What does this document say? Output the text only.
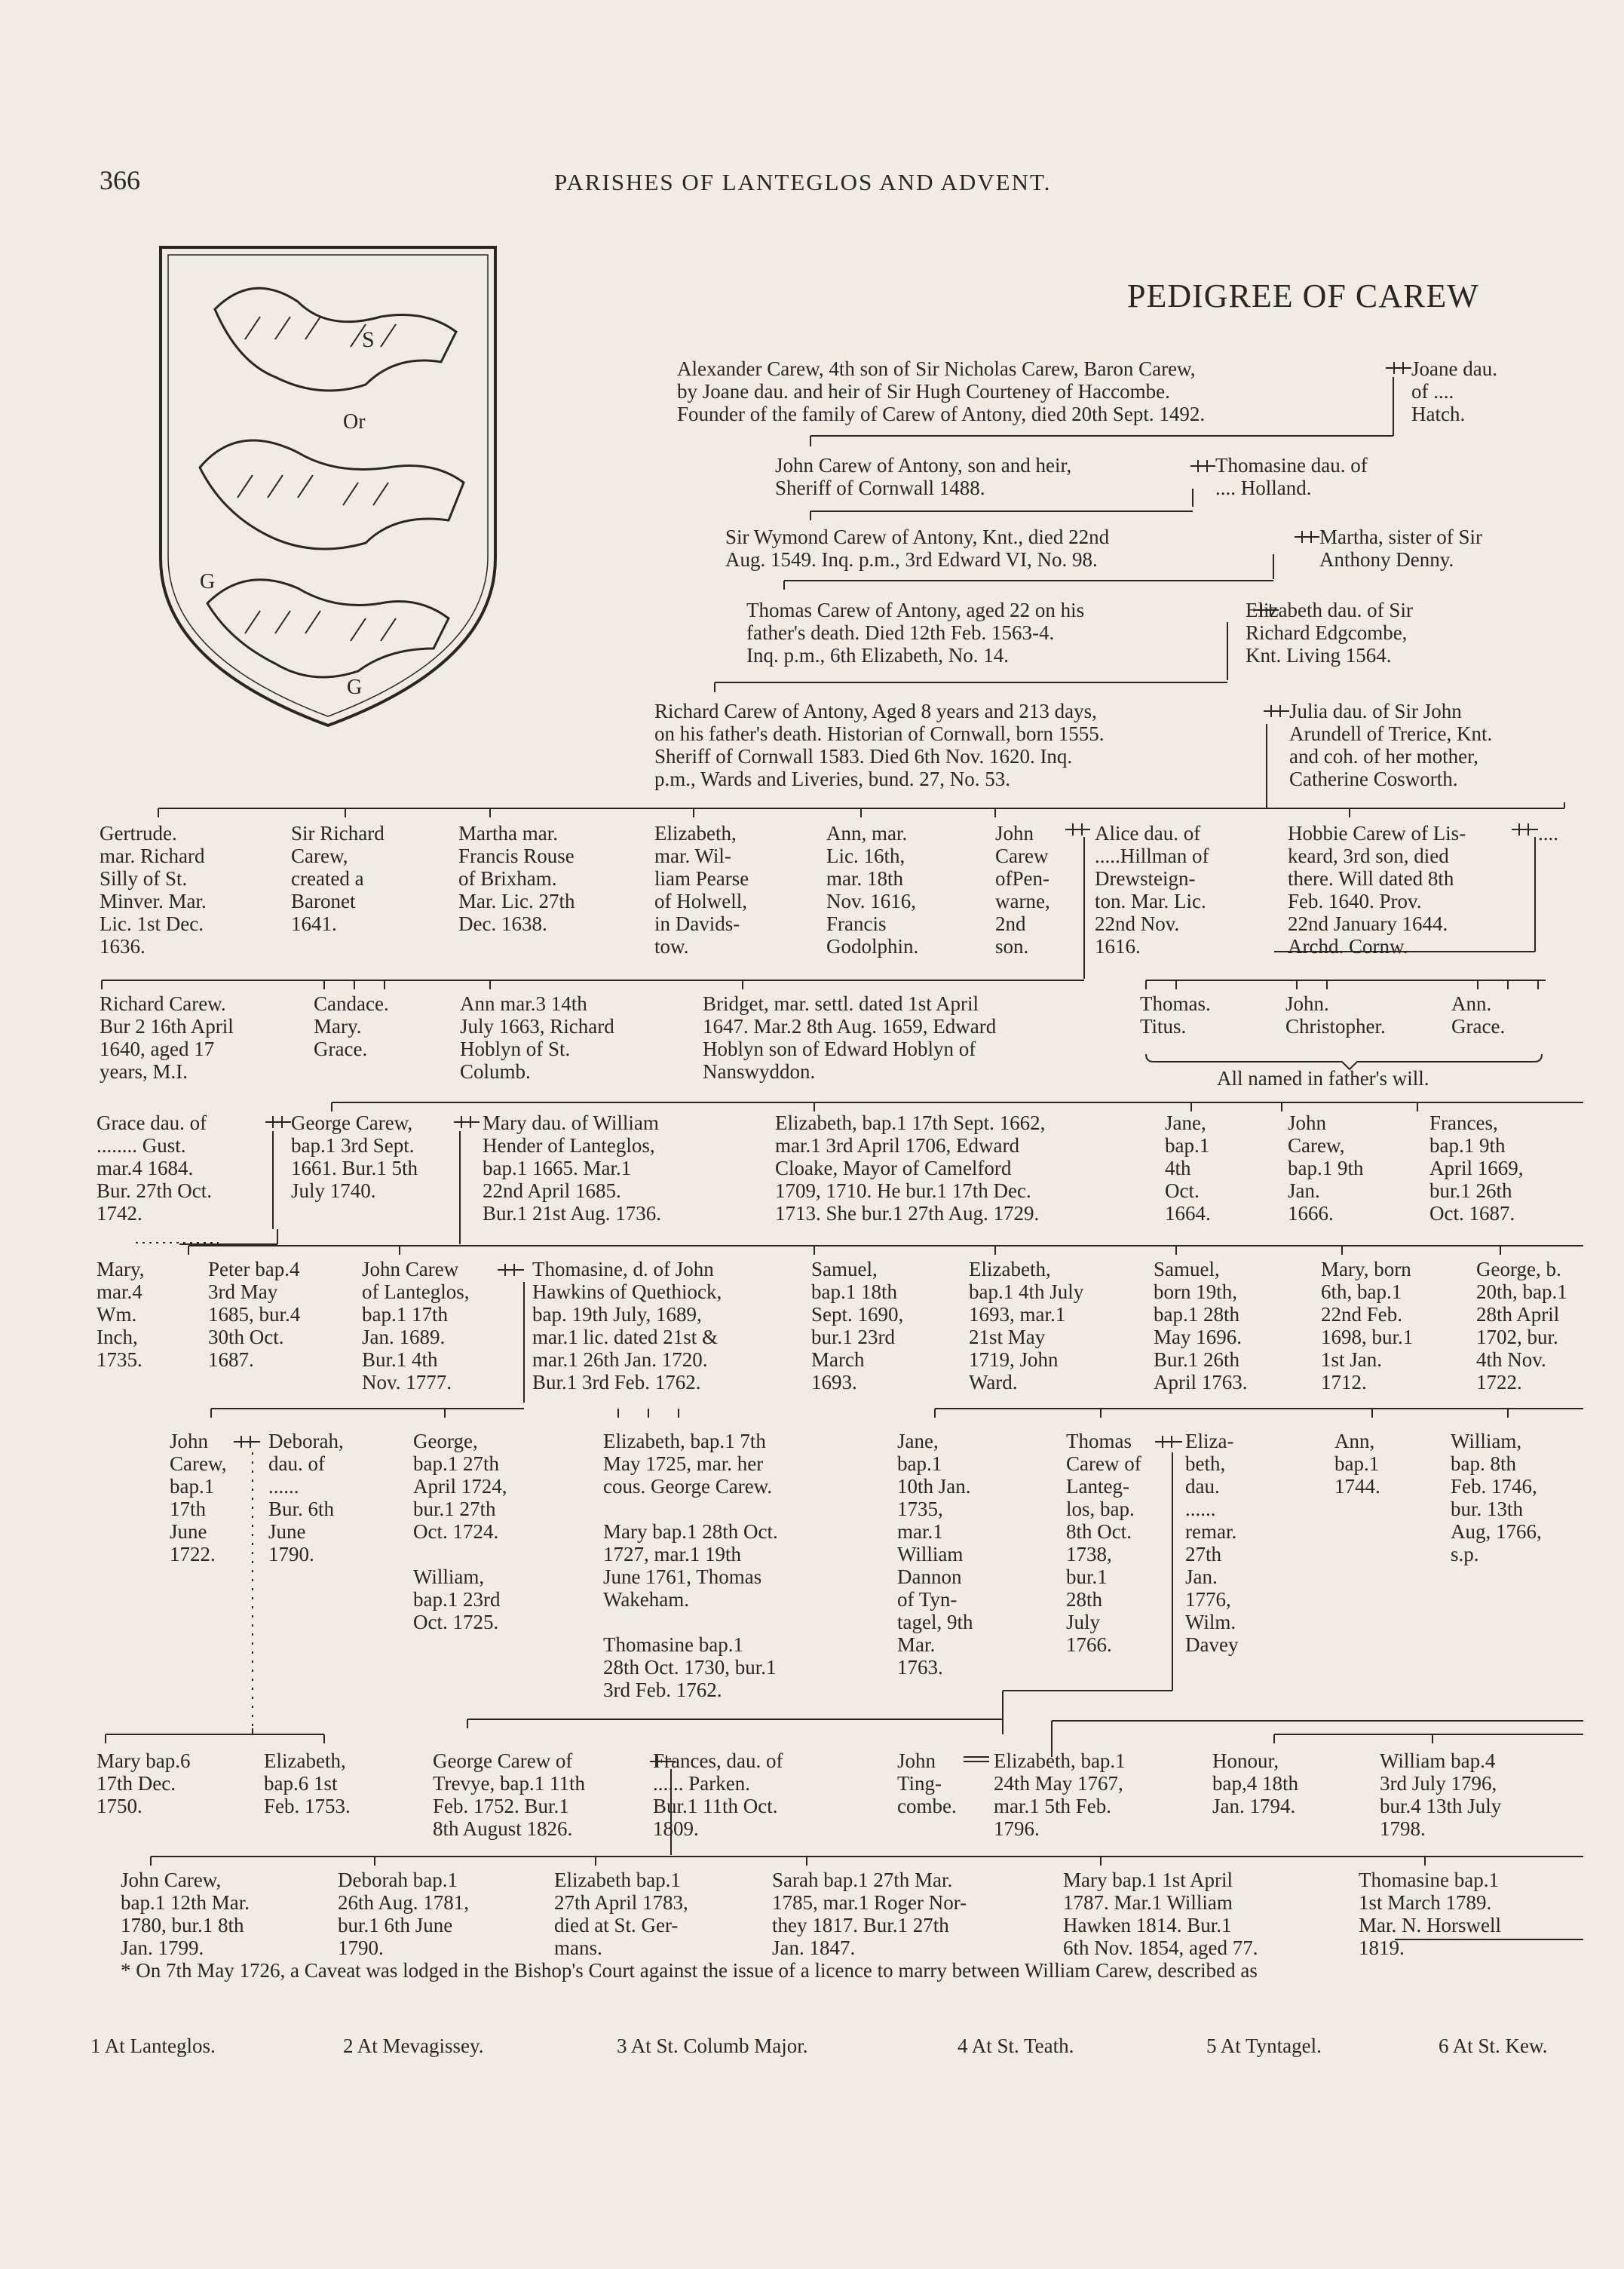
366	PARISHES OF LANTEGLOS AND ADVENT.
S
Or
G
G
PEDIGREE OF CAREW
Alexander Carew, 4th son of Sir Nicholas Carew, Baron Carew,
by Joane dau. and heir of Sir Hugh Courteney of Haccombe.
Founder of the family of Carew of Antony, died 20th Sept. 1492.
Joane dau.
of ....
Hatch.
John Carew of Antony, son and heir,
Sheriff of Cornwall 1488.
Thomasine dau. of
.... Holland.
Sir Wymond Carew of Antony, Knt., died 22nd
Aug. 1549. Inq. p.m., 3rd Edward VI, No. 98.
Martha, sister of Sir
Anthony Denny.
Thomas Carew of Antony, aged 22 on his
father's death. Died 12th Feb. 1563-4.
Inq. p.m., 6th Elizabeth, No. 14.
Elizabeth dau. of Sir
Richard Edgcombe,
Knt. Living 1564.
Richard Carew of Antony, Aged 8 years and 213 days,
on his father's death. Historian of Cornwall, born 1555.
Sheriff of Cornwall 1583. Died 6th Nov. 1620. Inq.
p.m., Wards and Liveries, bund. 27, No. 53.
Julia dau. of Sir John
Arundell of Trerice, Knt.
and coh. of her mother,
Catherine Cosworth.
Gertrude.
mar. Richard
Silly of St.
Minver. Mar.
Lic. 1st Dec.
1636.
Sir Richard
Carew,
created a
Baronet
1641.
Martha mar.
Francis Rouse
of Brixham.
Mar. Lic. 27th
Dec. 1638.
Elizabeth,
mar. Wil-
liam Pearse
of Holwell,
in Davids-
tow.
Ann, mar.
Lic. 16th,
mar. 18th
Nov. 1616,
Francis
Godolphin.
John
Carew
ofPen-
warne,
2nd
son.
Alice dau. of
.....Hillman of
Drewsteign-
ton. Mar. Lic.
22nd Nov.
1616.
Hobbie Carew of Lis-
keard, 3rd son, died
there. Will dated 8th
Feb. 1640. Prov.
22nd January 1644.
Archd. Cornw.
....
Richard Carew.
Bur 2 16th April
1640, aged 17
years, M.I.
Candace.
Mary.
Grace.
Ann mar.3 14th
July 1663, Richard
Hoblyn of St.
Columb.
Bridget, mar. settl. dated 1st April
1647. Mar.2 8th Aug. 1659, Edward
Hoblyn son of Edward Hoblyn of
Nanswyddon.
Thomas.
Titus.
John.
Christopher.
Ann.
Grace.
All named in father's will.
Grace dau. of
........ Gust.
mar.4 1684.
Bur. 27th Oct.
1742.
George Carew,
bap.1 3rd Sept.
1661. Bur.1 5th
July 1740.
Mary dau. of William
Hender of Lanteglos,
bap.1 1665. Mar.1
22nd April 1685.
Bur.1 21st Aug. 1736.
Elizabeth, bap.1 17th Sept. 1662,
mar.1 3rd April 1706, Edward
Cloake, Mayor of Camelford
1709, 1710. He bur.1 17th Dec.
1713. She bur.1 27th Aug. 1729.
Jane,
bap.1
4th
Oct.
1664.
John
Carew,
bap.1 9th
Jan.
1666.
Frances,
bap.1 9th
April 1669,
bur.1 26th
Oct. 1687.
Mary,
mar.4
Wm.
Inch,
1735.
Peter bap.4
3rd May
1685, bur.4
30th Oct.
1687.
John Carew
of Lanteglos,
bap.1 17th
Jan. 1689.
Bur.1 4th
Nov. 1777.
Thomasine, d. of John
Hawkins of Quethiock,
bap. 19th July, 1689,
mar.1 lic. dated 21st &
mar.1 26th Jan. 1720.
Bur.1 3rd Feb. 1762.
Samuel,
bap.1 18th
Sept. 1690,
bur.1 23rd
March
1693.
Elizabeth,
bap.1 4th July
1693, mar.1
21st May
1719, John
Ward.
Samuel,
born 19th,
bap.1 28th
May 1696.
Bur.1 26th
April 1763.
Mary, born
6th, bap.1
22nd Feb.
1698, bur.1
1st Jan.
1712.
George, b.
20th, bap.1
28th April
1702, bur.
4th Nov.
1722.
John
Carew,
bap.1
17th
June
1722.
Deborah,
dau. of
......
Bur. 6th
June
1790.
George,
bap.1 27th
April 1724,
bur.1 27th
Oct. 1724.

William,
bap.1 23rd
Oct. 1725.
Elizabeth, bap.1 7th
May 1725, mar. her
cous. George Carew.

Mary bap.1 28th Oct.
1727, mar.1 19th
June 1761, Thomas
Wakeham.

Thomasine bap.1
28th Oct. 1730, bur.1
3rd Feb. 1762.
Jane,
bap.1
10th Jan.
1735,
mar.1
William
Dannon
of Tyn-
tagel, 9th
Mar.
1763.
Thomas
Carew of
Lanteg-
los, bap.
8th Oct.
1738,
bur.1
28th
July
1766.
Eliza-
beth,
dau.
......
remar.
27th
Jan.
1776,
Wilm.
Davey
Ann,
bap.1
1744.
William,
bap. 8th
Feb. 1746,
bur. 13th
Aug, 1766,
s.p.
Mary bap.6
17th Dec.
1750.
Elizabeth,
bap.6 1st
Feb. 1753.
George Carew of
Trevye, bap.1 11th
Feb. 1752. Bur.1
8th August 1826.
Frances, dau. of
...... Parken.
Bur.1 11th Oct.
1809.
John
Ting-
combe.
Elizabeth, bap.1
24th May 1767,
mar.1 5th Feb.
1796.
Honour,
bap,4 18th
Jan. 1794.
William bap.4
3rd July 1796,
bur.4 13th July
1798.
John Carew,
bap.1 12th Mar.
1780, bur.1 8th
Jan. 1799.
Deborah bap.1
26th Aug. 1781,
bur.1 6th June
1790.
Elizabeth bap.1
27th April 1783,
died at St. Ger-
mans.
Sarah bap.1 27th Mar.
1785, mar.1 Roger Nor-
they 1817. Bur.1 27th
Jan. 1847.
Mary bap.1 1st April
1787. Mar.1 William
Hawken 1814. Bur.1
6th Nov. 1854, aged 77.
Thomasine bap.1
1st March 1789.
Mar. N. Horswell
1819.
* On 7th May 1726, a Caveat was lodged in the Bishop's Court against the issue of a licence to marry between William Carew, described as
1 At Lanteglos.	2 At Mevagissey.	3 At St. Columb Major.	4 At St. Teath.	5 At Tyntagel.	6 At St. Kew.
